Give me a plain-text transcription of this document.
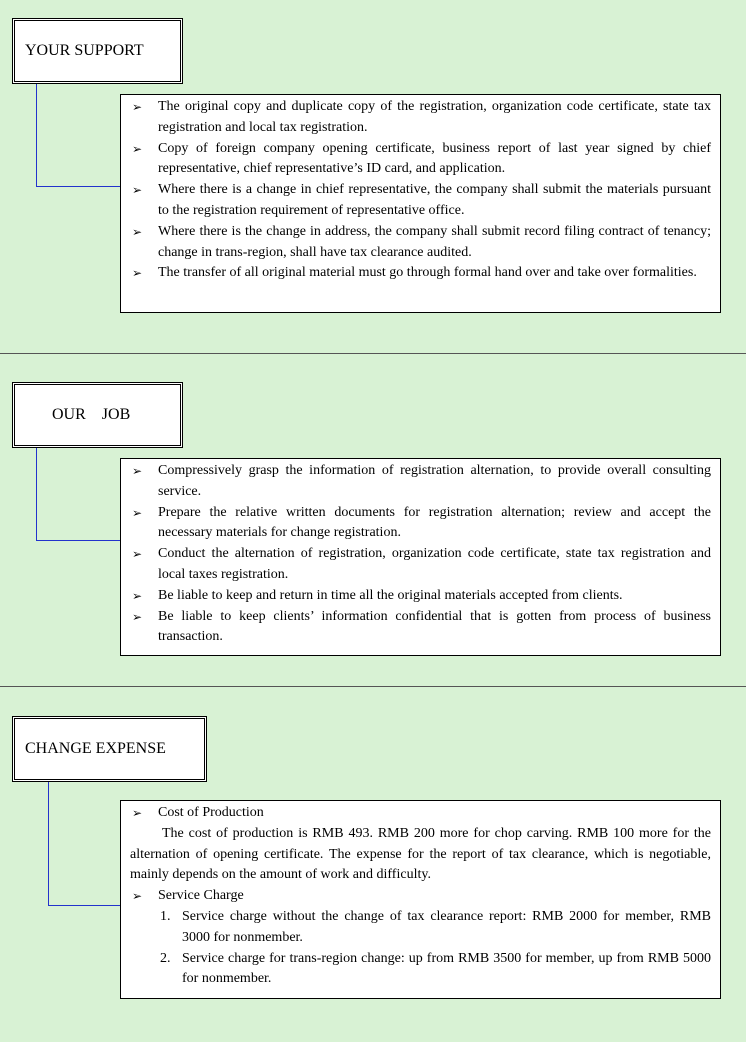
YOUR SUPPORT
➢ The original copy and duplicate copy of the registration, organization code certificate, state tax registration and local tax registration.
➢ Copy of foreign company opening certificate, business report of last year signed by chief representative, chief representative’s ID card, and application.
➢ Where there is a change in chief representative, the company shall submit the materials pursuant to the registration requirement of representative office.
➢ Where there is the change in address, the company shall submit record filing contract of tenancy; change in trans-region, shall have tax clearance audited.
➢ The transfer of all original material must go through formal hand over and take over formalities.
OUR    JOB
➢ Compressively grasp the information of registration alternation, to provide overall consulting service.
➢ Prepare the relative written documents for registration alternation; review and accept the necessary materials for change registration.
➢ Conduct the alternation of registration, organization code certificate, state tax registration and local taxes registration.
➢ Be liable to keep and return in time all the original materials accepted from clients.
➢ Be liable to keep clients’ information confidential that is gotten from process of business transaction.
CHANGE EXPENSE
➢ Cost of Production
The cost of production is RMB 493. RMB 200 more for chop carving. RMB 100 more for the alternation of opening certificate. The expense for the report of tax clearance, which is negotiable, mainly depends on the amount of work and difficulty.
➢ Service Charge
1. Service charge without the change of tax clearance report: RMB 2000 for member, RMB 3000 for nonmember.
2. Service charge for trans-region change: up from RMB 3500 for member, up from RMB 5000 for nonmember.
